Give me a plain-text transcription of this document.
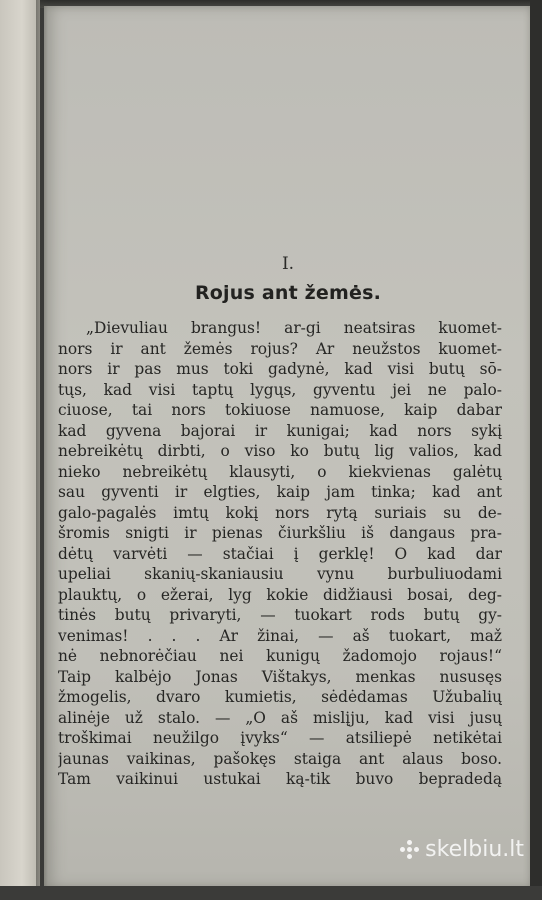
I.
Rojus ant žemės.
„Dievuliau brangus! ar-gi neatsiras kuomet-
nors ir ant žemės rojus? Ar neužstos kuomet-
nors ir pas mus toki gadynė, kad visi butų sō-
tųs, kad visi taptų lygųs, gyventu jei ne palo-
ciuose, tai nors tokiuose namuose, kaip dabar
kad gyvena bajorai ir kunigai; kad nors sykį
nebreikėtų dirbti, o viso ko butų lig valios, kad
nieko nebreikėtų klausyti, o kiekvienas galėtų
sau gyventi ir elgties, kaip jam tinka; kad ant
galo-pagalės imtų kokį nors rytą suriais su de-
šromis snigti ir pienas čiurkšliu iš dangaus pra-
dėtų varvėti — stačiai į gerklę! O kad dar
upeliai skanių-skaniausiu vynu burbuliuodami
plauktų, o ežerai, lyg kokie didžiausi bosai, deg-
tinės butų privaryti, — tuokart rods butų gy-
venimas! . . . Ar žinai, — aš tuokart, maž
nė nebnorėčiau nei kunigų žadomojo rojaus!“
Taip kalbėjo Jonas Vištakys, menkas nususęs
žmogelis, dvaro kumietis, sėdėdamas Užubalių
alinėje už stalo. — „O aš mislįju, kad visi jusų
troškimai neužilgo įvyks“ — atsiliepė netikėtai
jaunas vaikinas, pašokęs staiga ant alaus boso.
Tam vaikinui ustukai ką-tik buvo bepradedą
skelbiu.lt
